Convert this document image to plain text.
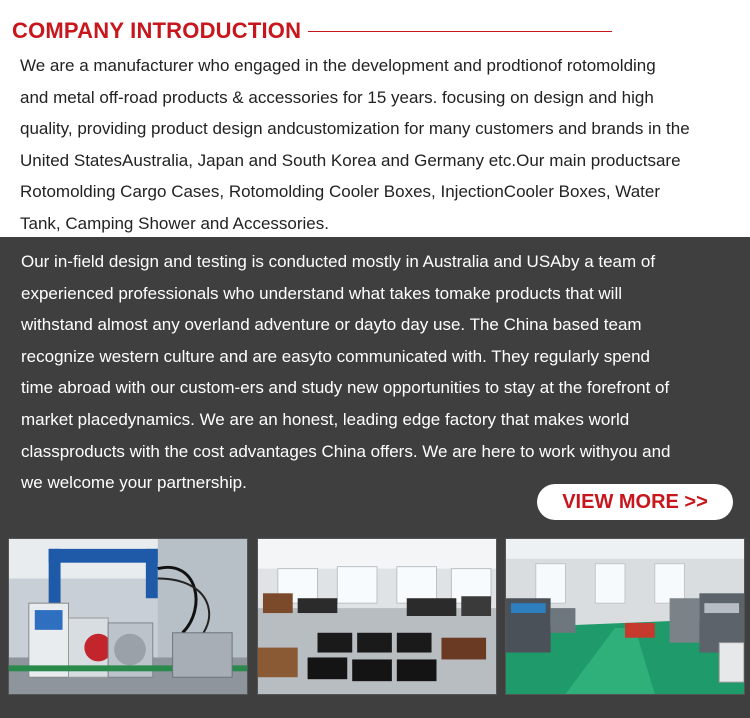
COMPANY INTRODUCTION
We are a manufacturer who engaged in the development and prodtionof rotomolding
and metal off-road products & accessories for 15 years. focusing on design and high
quality, providing product design andcustomization for many customers and brands in the
United StatesAustralia, Japan and South Korea and Germany etc.Our main productsare
Rotomolding Cargo Cases, Rotomolding Cooler Boxes, InjectionCooler Boxes, Water
Tank, Camping Shower and Accessories.
Our in-field design and testing is conducted mostly in Australia and USAby a team of
experienced professionals who understand what takes tomake products that will
withstand almost any overland adventure or dayto day use. The China based team
recognize western culture and are easyto communicated with. They regularly spend
time abroad with our custom-ers and study new opportunities to stay at the forefront of
market placedynamics. We are an honest, leading edge factory that makes world
classproducts with the cost advantages China offers. We are here to work withyou and
we welcome your partnership.
VIEW MORE >>
